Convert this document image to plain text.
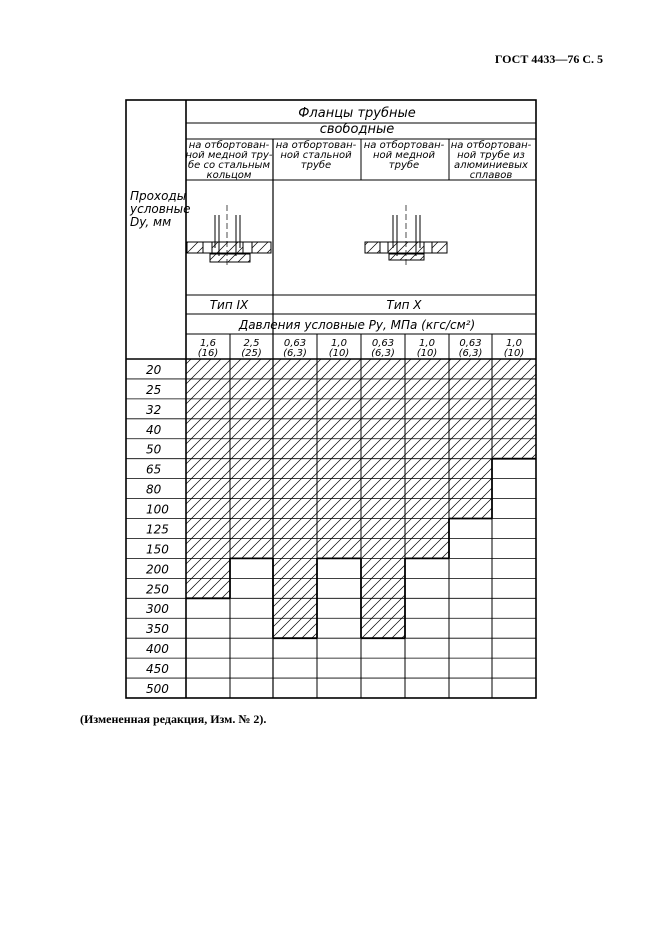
ГОСТ 4433—76 С. 5
Проходы
условные
Dy, мм
Фланцы трубные
свободные
на отбортован-
ной медной тру-
бе со стальным
кольцом
на отбортован-
ной стальной
трубе
на отбортован-
ной медной
трубе
на отбортован-
ной трубе из
алюминиевых
сплавов
Тип IX	Тип X
Давления условные Ру, МПа (кгс/см²)
1,6
(16)
2,5
(25)
0,63
(6,3)
1,0
(10)
0,63
(6,3)
1,0
(10)
0,63
(6,3)
1,0
(10)
20
25
32
40
50
65
80
100
125
150
200
250
300
350
400
450
500
(Измененная редакция, Изм. № 2).
